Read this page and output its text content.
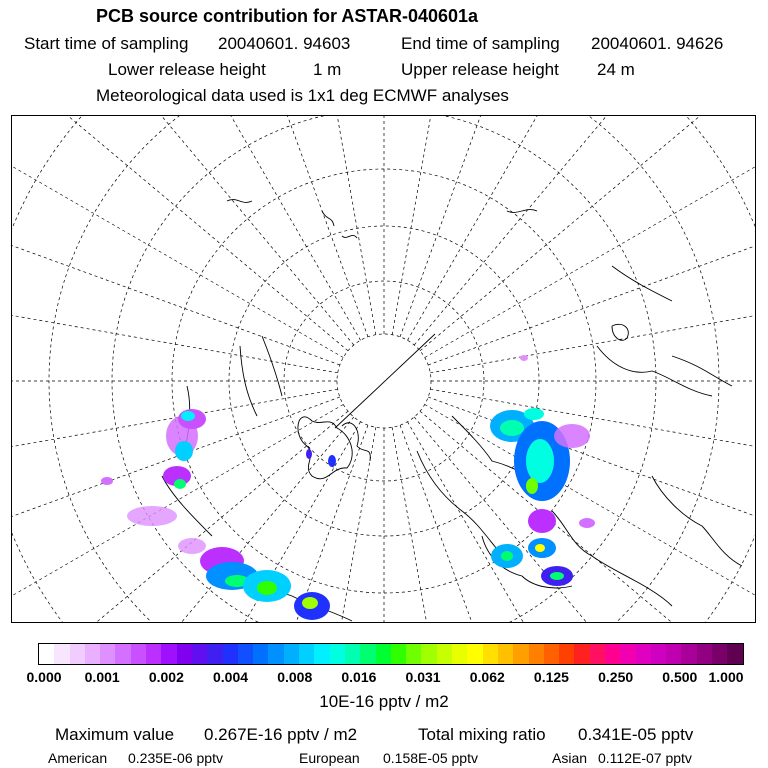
PCB source contribution for ASTAR-040601a
Start time of sampling 20040601. 94603	End time of sampling 20040601. 94626
Lower release height	1 m	Upper release height 24 m
Meteorological data used is 1x1 deg ECMWF analyses
0.000 0.001 0.002 0.004 0.008 0.016 0.031 0.062 0.125 0.250 0.500 1.000
10E-16 pptv / m2
Maximum value 0.267E-16 pptv / m2	Total mixing ratio 0.341E-05 pptv
American 0.235E-06 pptv	European 0.158E-05 pptv	Asian 0.112E-07 pptv
